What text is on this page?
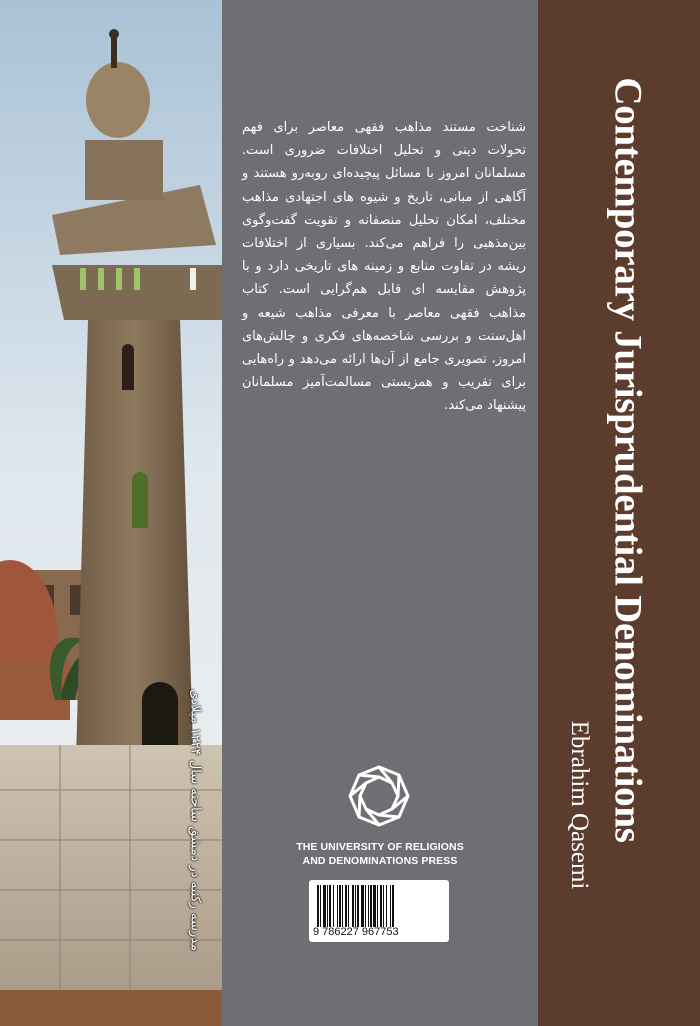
مدرسه رکنیه در دمشق ساخته سال ۱۲۲۴ میلادی
شناخت مستند مذاهب فقهی معاصر برای فهم تحولات دینی و تحلیل اختلافات ضروری است. مسلمانان امروز با مسائل پیچیده‌ای روبه‌رو هستند و آگاهی از مبانی، تاریخ و شیوه های اجتهادی مذاهب مختلف، امکان تحلیل منصفانه و تقویت گفت‌وگوی بین‌مذهبی را فراهم می‌کند. بسیاری از اختلافات ریشه در تفاوت منابع و زمینه های تاریخی دارد و با پژوهش مقایسه ای قابل هم‌گرایی است. کتاب مذاهب فقهی معاصر با معرفی مذاهب شیعه و اهل‌سنت و بررسی شاخصه‌های فکری و چالش‌های امروز، تصویری جامع از آن‌ها ارائه می‌دهد و راه‌هایی برای تقریب و همزیستی مسالمت‌آمیز مسلمانان پیشنهاد می‌کند.
THE UNIVERSITY OF RELIGIONS
AND DENOMINATIONS PRESS
9 786227 967753
Contemporary Jurisprudential Denominations
Ebrahim Qasemi
